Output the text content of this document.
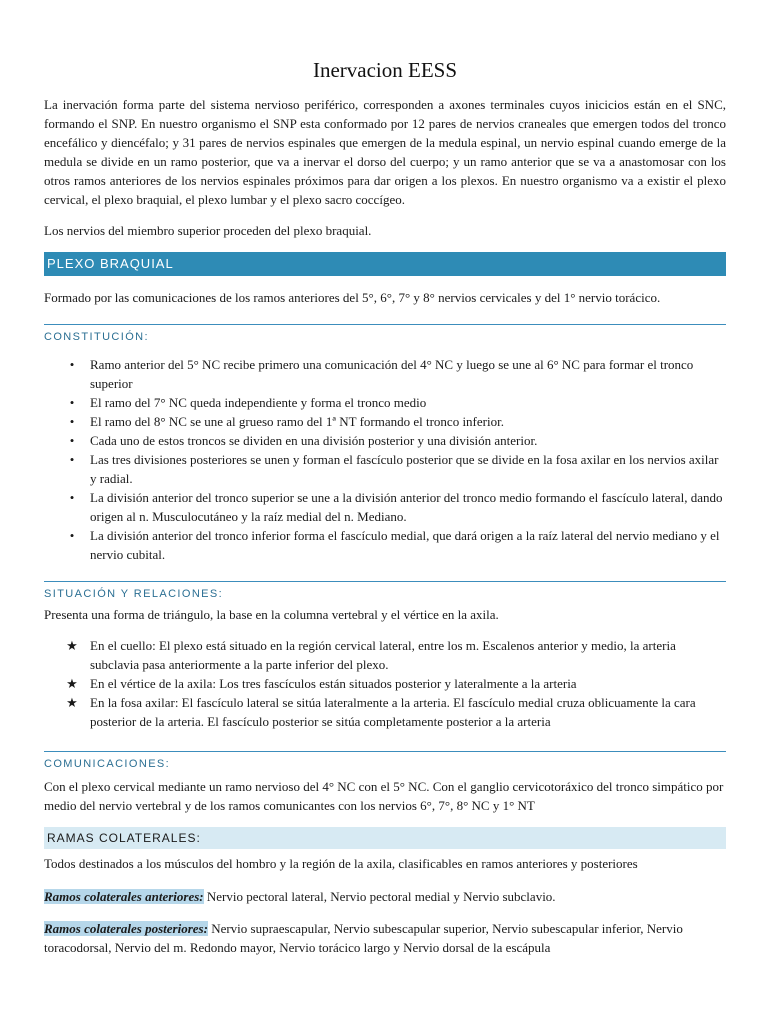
Inervacion EESS

La inervación forma parte del sistema nervioso periférico, corresponden a axones terminales cuyos iniciсios están en el SNC, formando el SNP. En nuestro organismo el SNP esta conformado por 12 pares de nervios craneales que emergen todos del tronco encefálico y diencéfalo; y 31 pares de nervios espinales que emergen de la medula espinal, un nervio espinal cuando emerge de la medula se divide en un ramo posterior, que va a inervar el dorso del cuerpo; y un ramo anterior que se va a anastomosar con los otros ramos anteriores de los nervios espinales próximos para dar origen a los plexos. En nuestro organismo va a existir el plexo cervical, el plexo braquial, el plexo lumbar y el plexo sacro coccígeo.

Los nervios del miembro superior proceden del plexo braquial.

PLEXO BRAQUIAL

Formado por las comunicaciones de los ramos anteriores del 5°, 6°, 7° y 8° nervios cervicales y del 1° nervio torácico.

CONSTITUCIÓN:
• Ramo anterior del 5° NC recibe primero una comunicación del 4° NC y luego se une al 6° NC para formar el tronco superior
• El ramo del 7° NC queda independiente y forma el tronco medio
• El ramo del 8° NC se une al grueso ramo del 1ª NT formando el tronco inferior.
• Cada uno de estos troncos se dividen en una división posterior y una división anterior.
• Las tres divisiones posteriores se unen y forman el fascículo posterior que se divide en la fosa axilar en los nervios axilar y radial.
• La división anterior del tronco superior se une a la división anterior del tronco medio formando el fascículo lateral, dando origen al n. Musculocutáneo y la raíz medial del n. Mediano.
• La división anterior del tronco inferior forma el fascículo medial, que dará origen a la raíz lateral del nervio mediano y el nervio cubital.
SITUACIÓN Y RELACIONES:

Presenta una forma de triángulo, la base en la columna vertebral y el vértice en la axila.

★ En el cuello: El plexo está situado en la región cervical lateral, entre los m. Escalenos anterior y medio, la arteria subclavia pasa anteriormente a la parte inferior del plexo.
★ En el vértice de la axila: Los tres fascículos están situados posterior y lateralmente a la arteria
★ En la fosa axilar: El fascículo lateral se sitúa lateralmente a la arteria. El fascículo medial cruza oblicuamente la cara posterior de la arteria. El fascículo posterior se sitúa completamente posterior a la arteria
COMUNICACIONES:

Con el plexo cervical mediante un ramo nervioso del 4° NC con el 5° NC. Con el ganglio cervicotoráxico del tronco simpático por medio del nervio vertebral y de los ramos comunicantes con los nervios 6°, 7°, 8° NC y 1° NT

RAMAS COLATERALES:

Todos destinados a los músculos del hombro y la región de la axila, clasificables en ramos anteriores y posteriores

Ramos colaterales anteriores: Nervio pectoral lateral, Nervio pectoral medial y Nervio subclavio.

Ramos colaterales posteriores: Nervio supraescapular, Nervio subescapular superior, Nervio subescapular inferior, Nervio toracodorsal, Nervio del m. Redondo mayor, Nervio torácico largo y Nervio dorsal de la escápula
